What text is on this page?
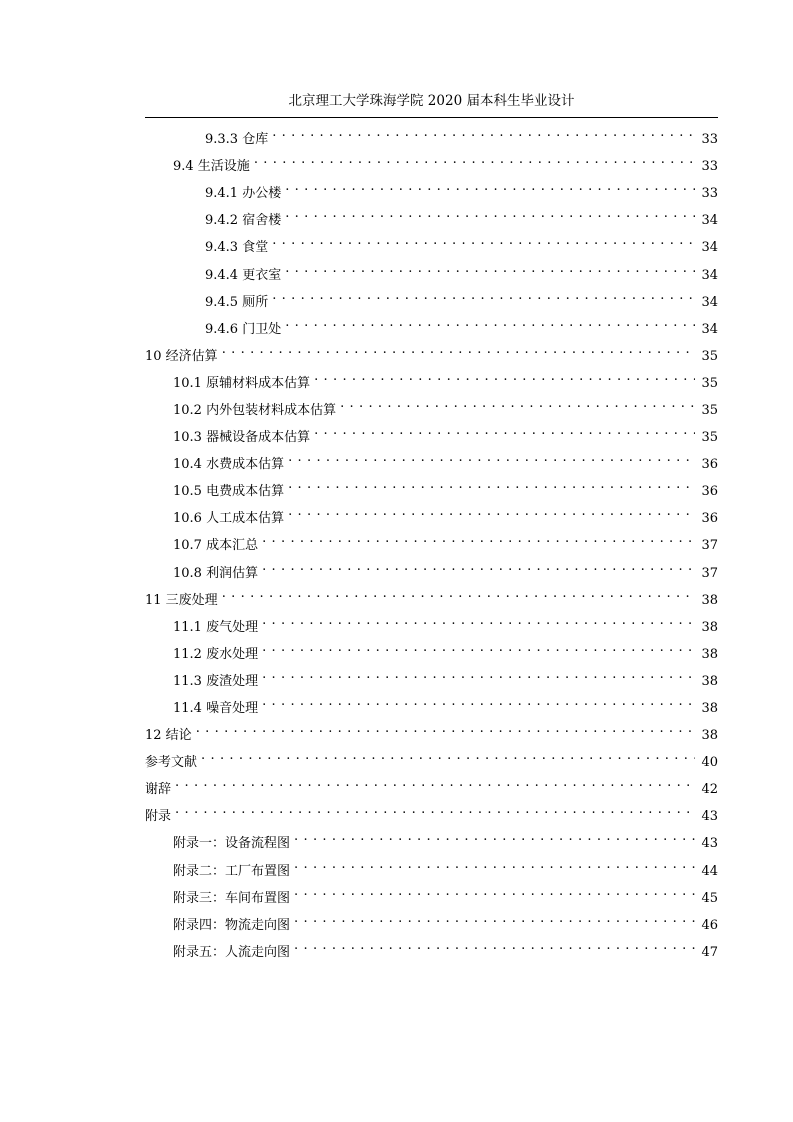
北京理工大学珠海学院 2020 届本科生毕业设计
9.3.3 仓库 . . .	33
9.4 生活设施 . . .	33
9.4.1 办公楼 . . .	33
9.4.2 宿舍楼 . . .	34
9.4.3 食堂 . . .	34
9.4.4 更衣室 . . .	34
9.4.5 厕所 . . .	34
9.4.6 门卫处 . . .	34
10 经济估算 . . .	35
10.1 原辅材料成本估算 . . .	35
10.2 内外包装材料成本估算 . . .	35
10.3 器械设备成本估算 . . .	35
10.4 水费成本估算 . . .	36
10.5 电费成本估算 . . .	36
10.6 人工成本估算 . . .	36
10.7 成本汇总 . . .	37
10.8 利润估算 . . .	37
11 三废处理 . . .	38
11.1 废气处理 . . .	38
11.2 废水处理 . . .	38
11.3 废渣处理 . . .	38
11.4 噪音处理 . . .	38
12 结论 . . .	38
参考文献 . . .	40
谢辞 . . .	42
附录 . . .	43
附录一：设备流程图 . . .	43
附录二：工厂布置图 . . .	44
附录三：车间布置图 . . .	45
附录四：物流走向图 . . .	46
附录五：人流走向图 . . .	47
